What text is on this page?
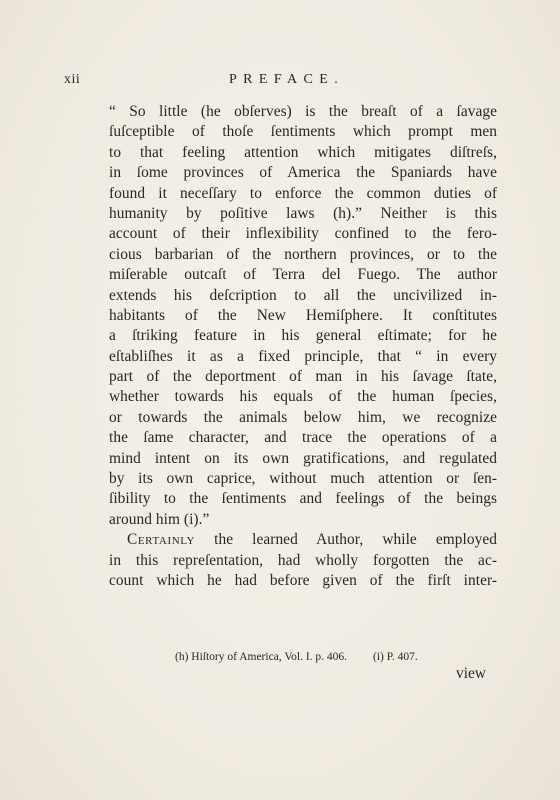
xii	PREFACE.
“ So little (he obſerves) is the breaſt of a ſavage
ſuſceptible of thoſe ſentiments which prompt men
to that feeling attention which mitigates diſtreſs,
in ſome provinces of America the Spaniards have
found it neceſſary to enforce the common duties of
humanity by poſitive laws (h).” Neither is this
account of their inflexibility confined to the fero-
cious barbarian of the northern provinces, or to the
miſerable outcaſt of Terra del Fuego. The author
extends his deſcription to all the uncivilized in-
habitants of the New Hemiſphere. It conſtitutes
a ſtriking feature in his general eſtimate; for he
eſtabliſhes it as a fixed principle, that “ in every
part of the deportment of man in his ſavage ſtate,
whether towards his equals of the human ſpecies,
or towards the animals below him, we recognize
the ſame character, and trace the operations of a
mind intent on its own gratifications, and regulated
by its own caprice, without much attention or ſen-
ſibility to the ſentiments and feelings of the beings
around him (i).”
Certainly the learned Author, while employed
in this repreſentation, had wholly forgotten the ac-
count which he had before given of the firſt inter-
(h) Hiſtory of America, Vol. I. p. 406. (i) P. 407.
view
